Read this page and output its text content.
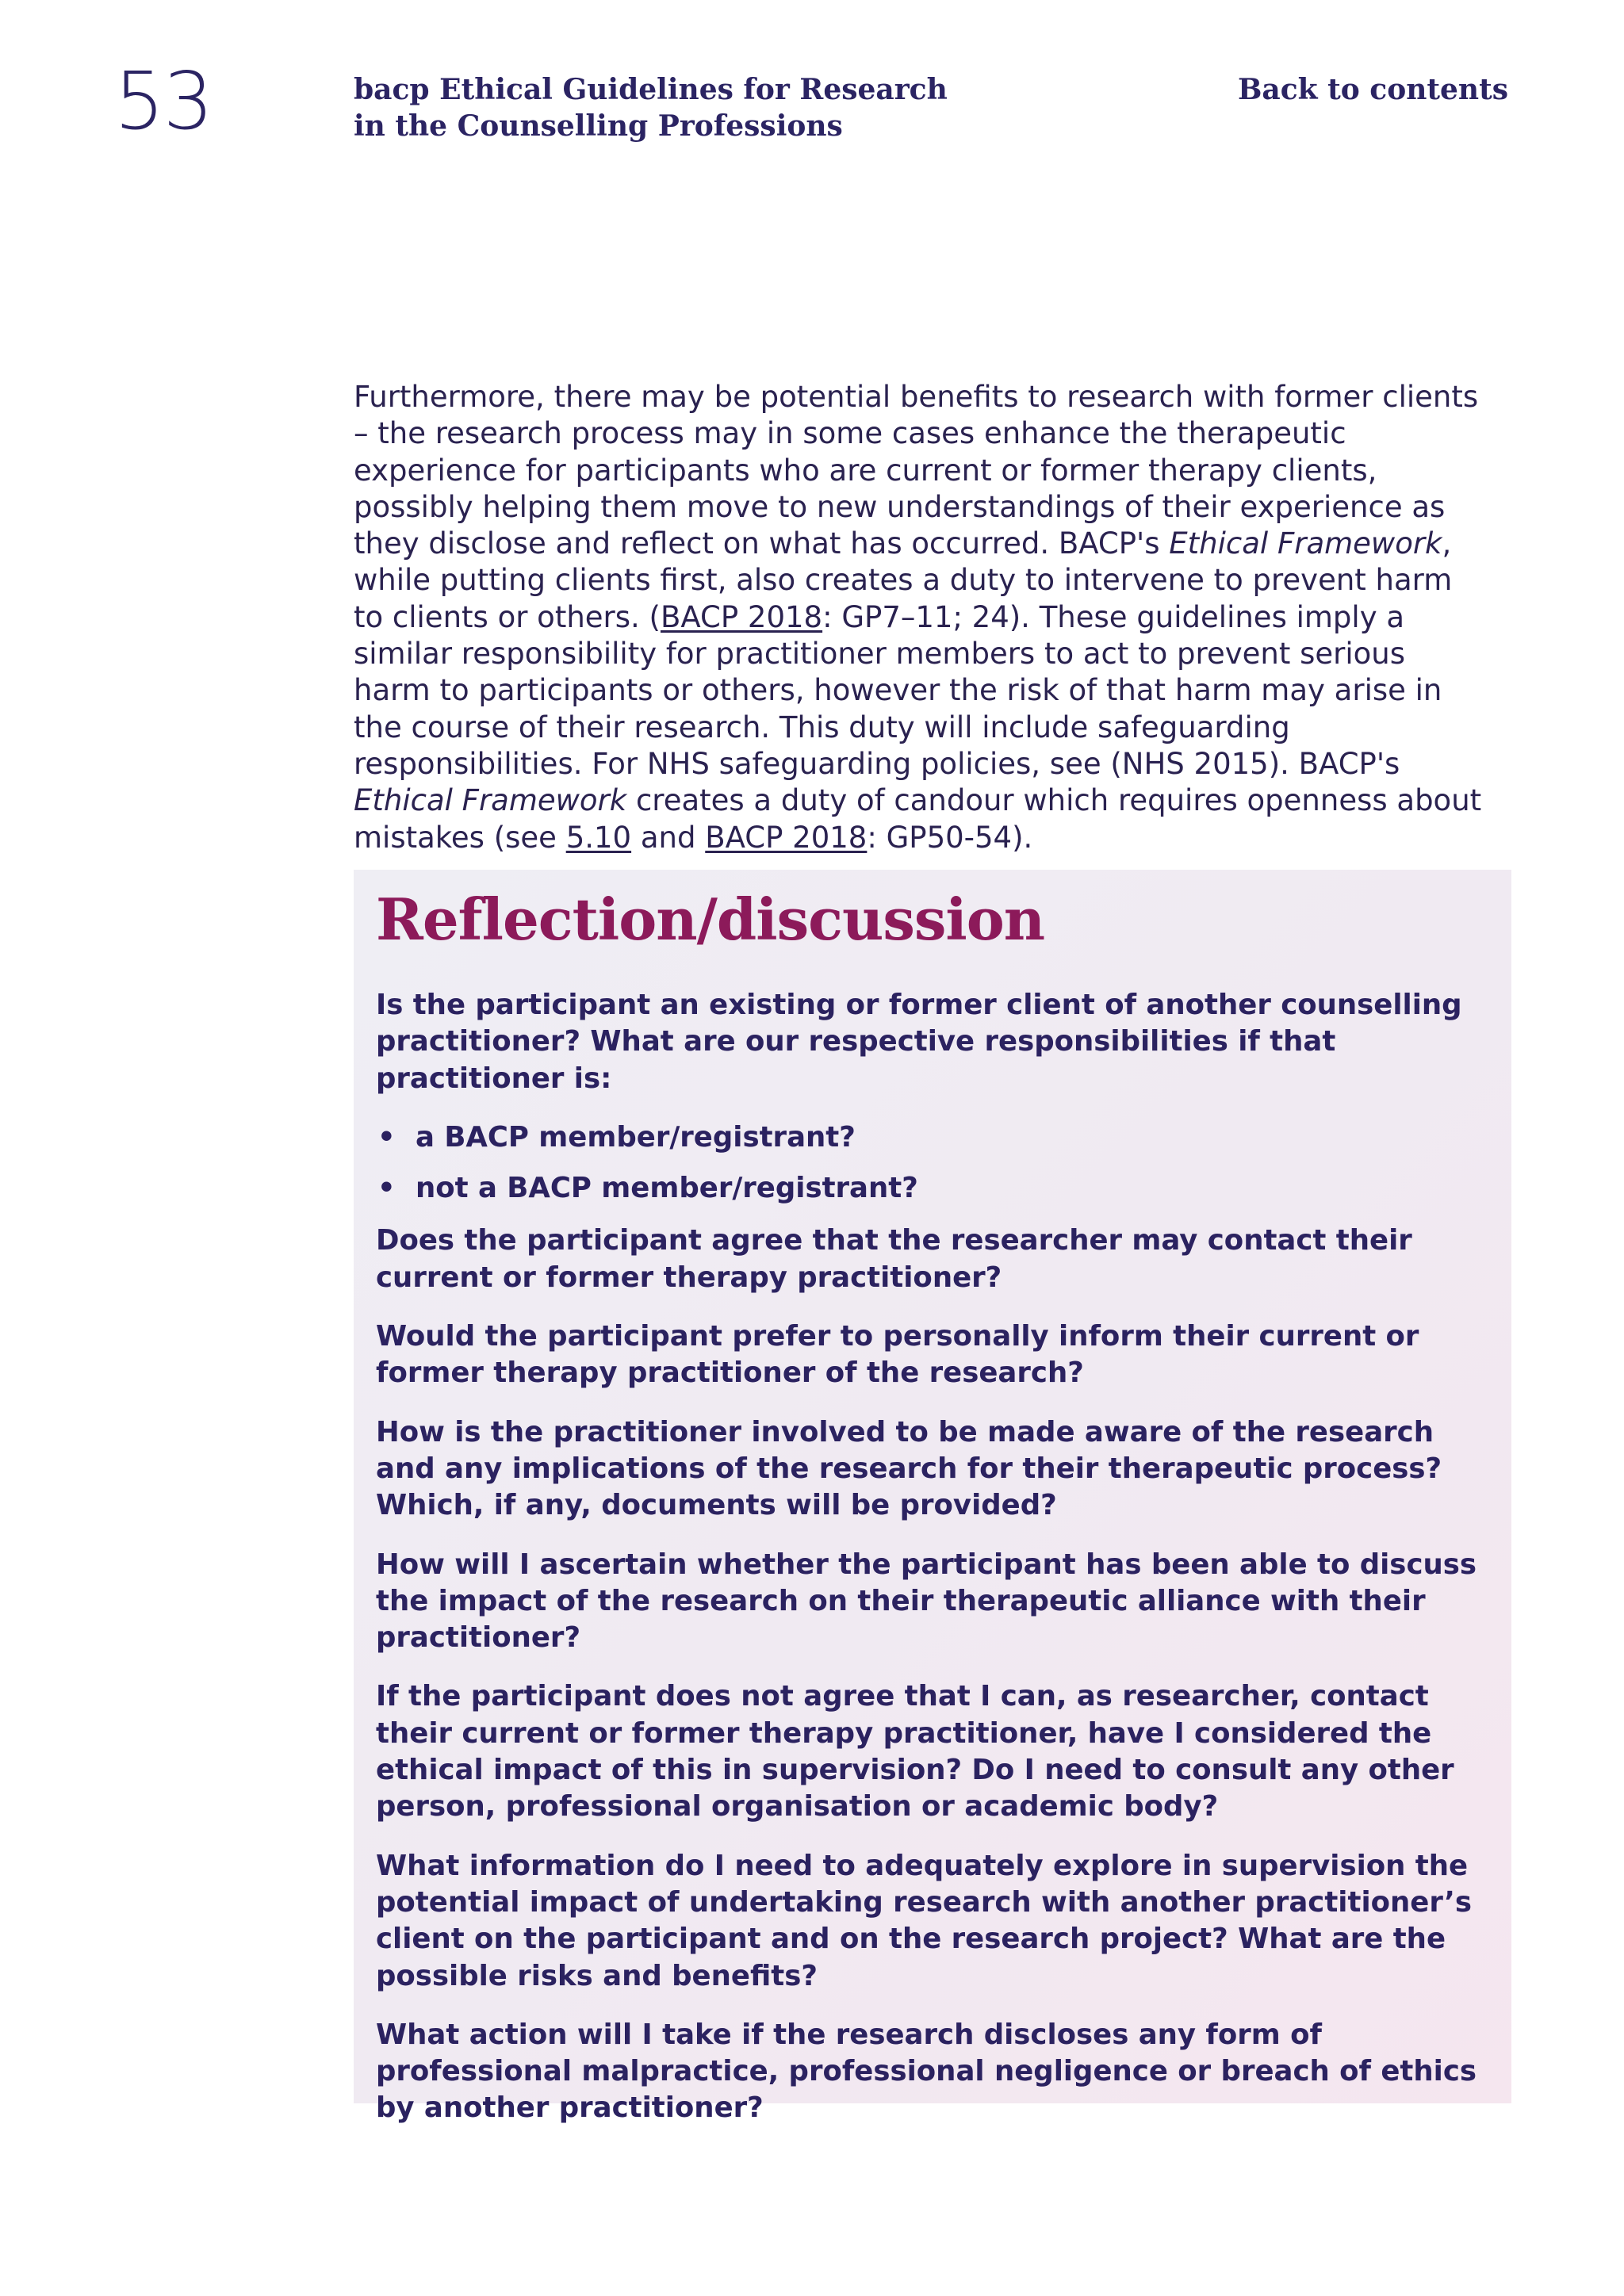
53	bacp Ethical Guidelines for Research
in the Counselling Professions
Back to contents

Furthermore, there may be potential benefits to research with former clients – the research process may in some cases enhance the therapeutic experience for participants who are current or former therapy clients, possibly helping them move to new understandings of their experience as they disclose and reflect on what has occurred. BACP's Ethical Framework, while putting clients first, also creates a duty to intervene to prevent harm to clients or others. (BACP 2018: GP7–11; 24). These guidelines imply a similar responsibility for practitioner members to act to prevent serious harm to participants or others, however the risk of that harm may arise in the course of their research. This duty will include safeguarding responsibilities. For NHS safeguarding policies, see (NHS 2015). BACP's Ethical Framework creates a duty of candour which requires openness about mistakes (see 5.10 and BACP 2018: GP50-54).

Reflection/discussion

Is the participant an existing or former client of another counselling practitioner? What are our respective responsibilities if that practitioner is:

• a BACP member/registrant?
• not a BACP member/registrant?

Does the participant agree that the researcher may contact their current or former therapy practitioner?

Would the participant prefer to personally inform their current or former therapy practitioner of the research?

How is the practitioner involved to be made aware of the research and any implications of the research for their therapeutic process? Which, if any, documents will be provided?

How will I ascertain whether the participant has been able to discuss the impact of the research on their therapeutic alliance with their practitioner?

If the participant does not agree that I can, as researcher, contact their current or former therapy practitioner, have I considered the ethical impact of this in supervision? Do I need to consult any other person, professional organisation or academic body?

What information do I need to adequately explore in supervision the potential impact of undertaking research with another practitioner’s client on the participant and on the research project? What are the possible risks and benefits?

What action will I take if the research discloses any form of professional malpractice, professional negligence or breach of ethics by another practitioner?
